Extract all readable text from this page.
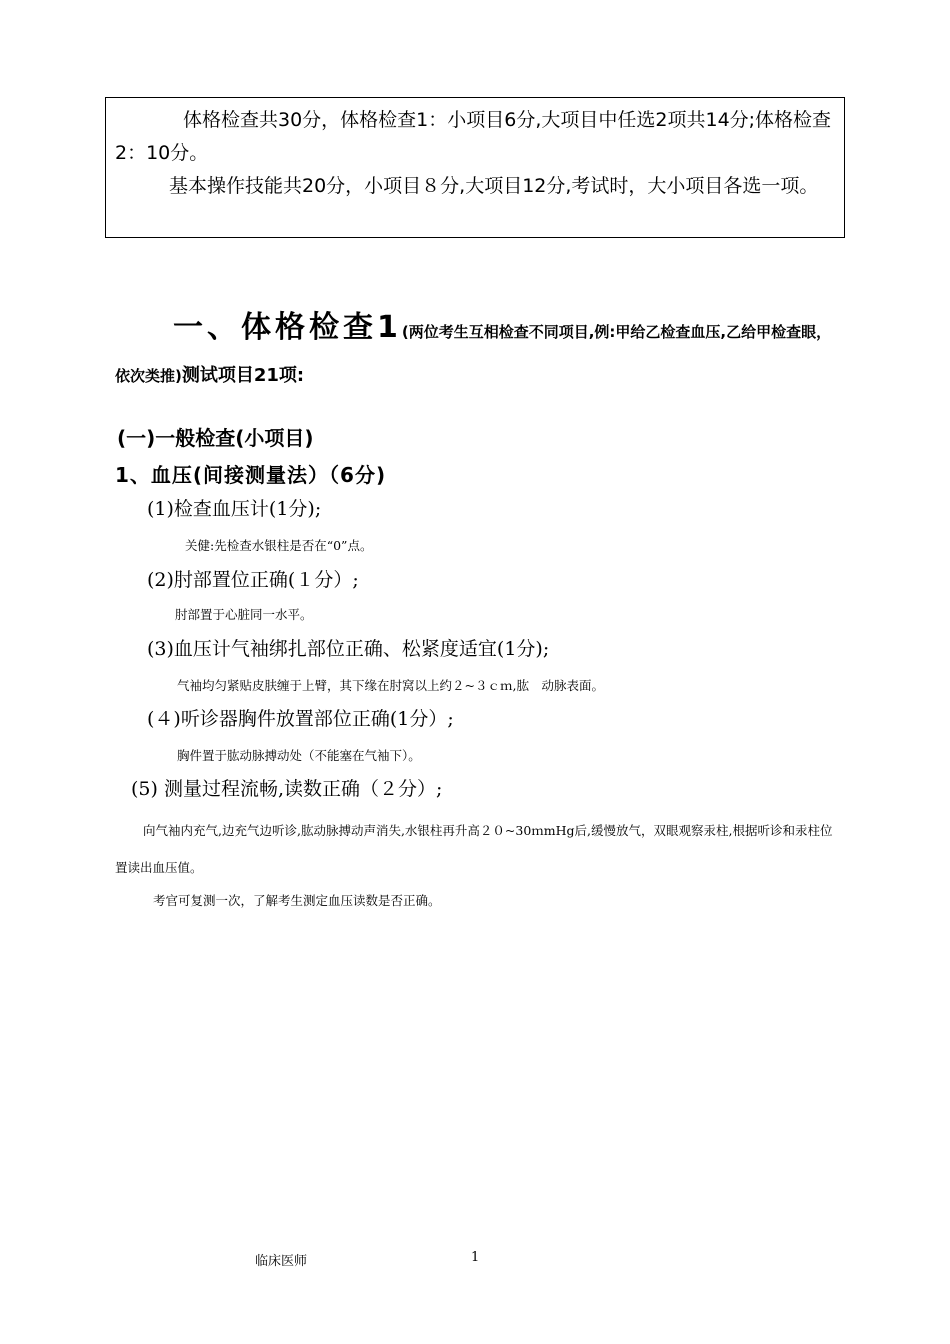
体格检查共30分，体格检查1：小项目6分,大项目中任选2项共14分;体格检查2：10分。

基本操作技能共20分，小项目８分,大项目12分,考试时，大小项目各选一项。

一、体格检查1(两位考生互相检查不同项目,例:甲给乙检查血压,乙给甲检查眼，依次类推)测试项目21项:
(一)一般检查(小项目)
1、血压(间接测量法）（6分)
(1)检查血压计(1分);
关健:先检查水银柱是否在“0”点。
(2)肘部置位正确(１分）;
肘部置于心脏同一水平。
(3)血压计气袖绑扎部位正确、松紧度适宜(1分);
气袖均匀紧贴皮肤缠于上臂，其下缘在肘窝以上约２~３ｃｍ,肱　动脉表面。
(４)听诊器胸件放置部位正确(1分）;
胸件置于肱动脉搏动处（不能塞在气袖下）。
(5) 测量过程流畅,读数正确（２分）;
向气袖内充气,边充气边听诊,肱动脉搏动声消失,水银柱再升高２０~30ｍmHg后,缓慢放气，双眼观察汞柱,根据听诊和汞柱位置读出血压值。
考官可复测一次，了解考生测定血压读数是否正确。
临床医师	1
